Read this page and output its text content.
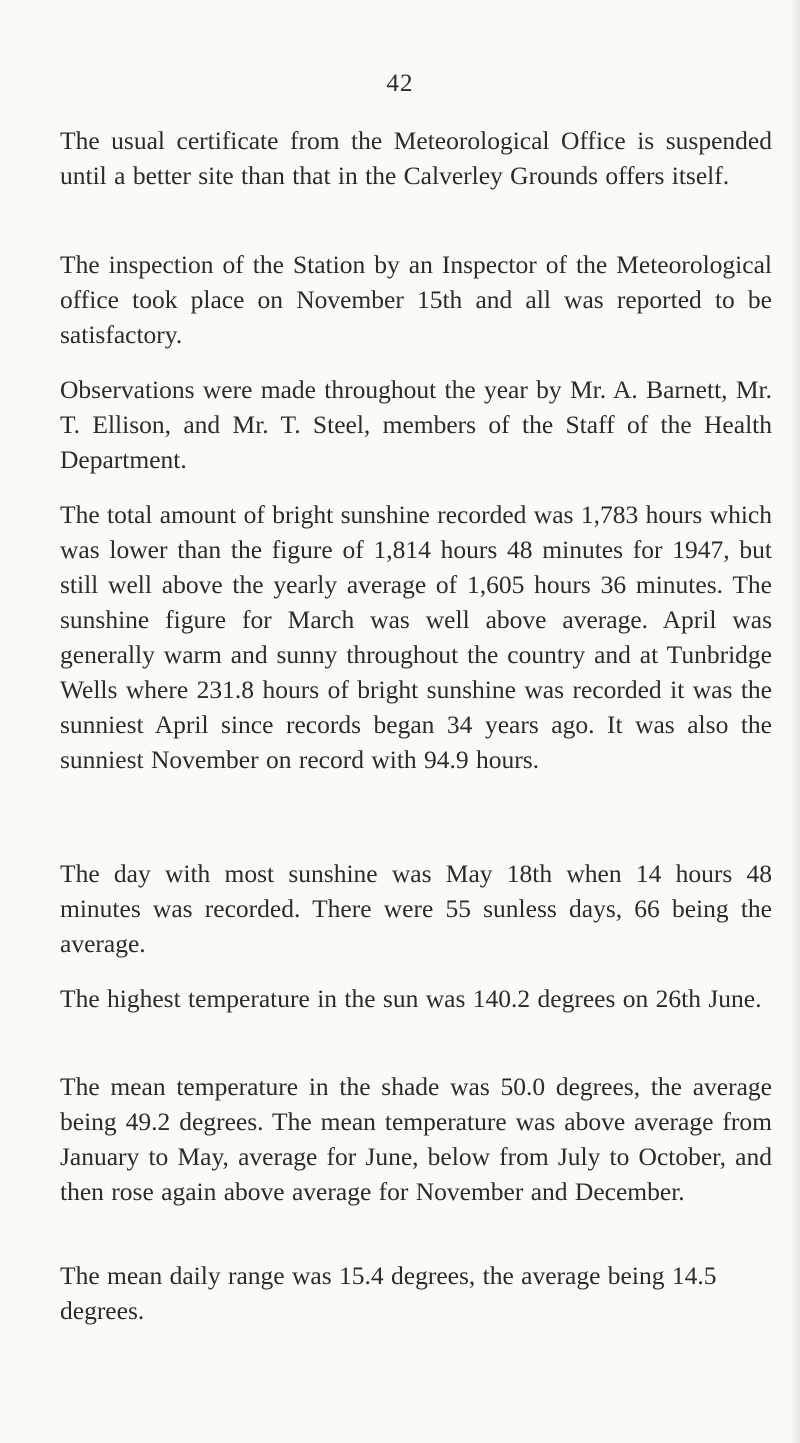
42

The usual certificate from the Meteorological Office is suspended until a better site than that in the Calverley Grounds offers itself.

The inspection of the Station by an Inspector of the Meteorological office took place on November 15th and all was reported to be satisfactory.

Observations were made throughout the year by Mr. A. Barnett, Mr. T. Ellison, and Mr. T. Steel, members of the Staff of the Health Department.

The total amount of bright sunshine recorded was 1,783 hours which was lower than the figure of 1,814 hours 48 minutes for 1947, but still well above the yearly average of 1,605 hours 36 minutes. The sunshine figure for March was well above average. April was generally warm and sunny throughout the country and at Tunbridge Wells where 231.8 hours of bright sunshine was recorded it was the sunniest April since records began 34 years ago. It was also the sunniest November on record with 94.9 hours.

The day with most sunshine was May 18th when 14 hours 48 minutes was recorded. There were 55 sunless days, 66 being the average.

The highest temperature in the sun was 140.2 degrees on 26th June.

The mean temperature in the shade was 50.0 degrees, the average being 49.2 degrees. The mean temperature was above average from January to May, average for June, below from July to October, and then rose again above average for November and December.

The mean daily range was 15.4 degrees, the average being 14.5 degrees.
